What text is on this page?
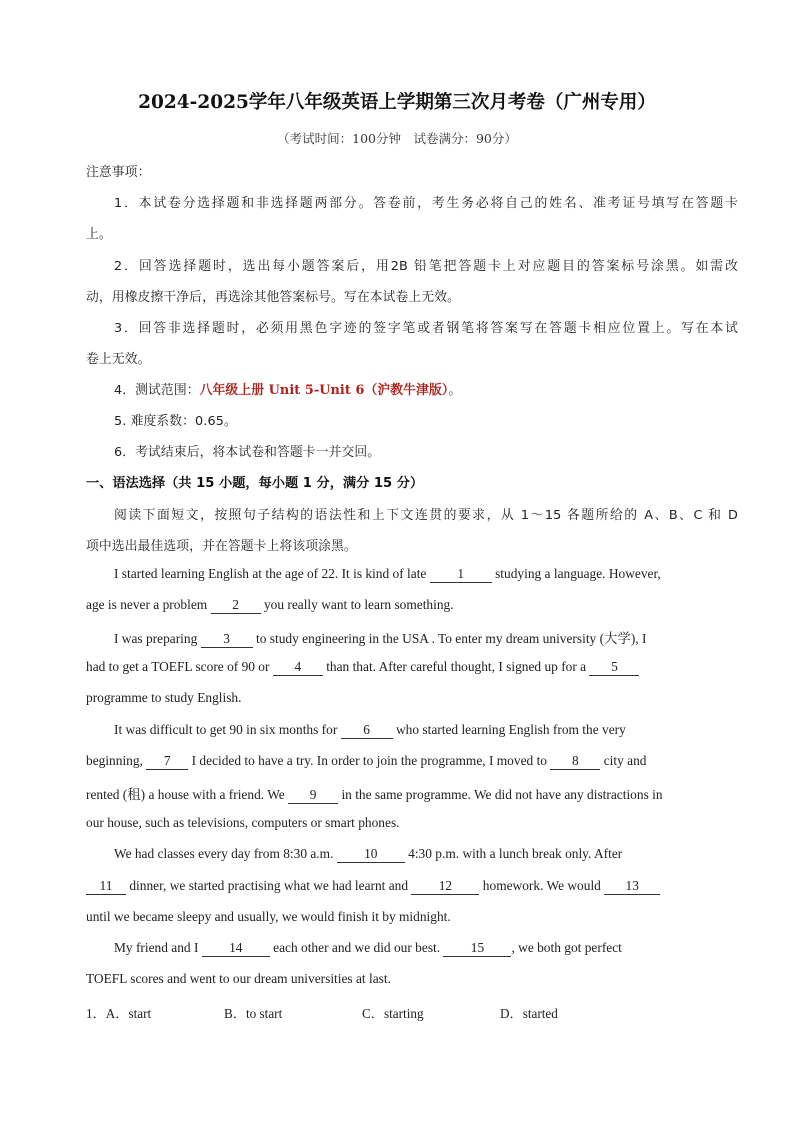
2024-2025学年八年级英语上学期第三次月考卷（广州专用）
（考试时间：100分钟　试卷满分：90分）
注意事项：
1．本试卷分选择题和非选择题两部分。答卷前，考生务必将自己的姓名、准考证号填写在答题卡
上。
2．回答选择题时，选出每小题答案后，用2B 铅笔把答题卡上对应题目的答案标号涂黑。如需改
动，用橡皮擦干净后，再选涂其他答案标号。写在本试卷上无效。
3．回答非选择题时，必须用黑色字迹的签字笔或者钢笔将答案写在答题卡相应位置上。写在本试
卷上无效。
4．测试范围：八年级上册 Unit 5-Unit 6（沪教牛津版）。
5. 难度系数：0.65。
6．考试结束后，将本试卷和答题卡一并交回。
一、语法选择（共 15 小题，每小题 1 分，满分 15 分）
阅读下面短文，按照句子结构的语法性和上下文连贯的要求，从 1～15 各题所给的 A、B、C 和 D
项中选出最佳选项，并在答题卡上将该项涂黑。
I started learning English at the age of 22. It is kind of late 1 studying a language. However,
age is never a problem 2 you really want to learn something.
I was preparing 3 to study engineering in the USA . To enter my dream university (大学), I
had to get a TOEFL score of 90 or 4 than that. After careful thought, I signed up for a 5
programme to study English.
It was difficult to get 90 in six months for 6 who started learning English from the very
beginning, 7 I decided to have a try. In order to join the programme, I moved to 8 city and
rented (租) a house with a friend. We 9 in the same programme. We did not have any distractions in
our house, such as televisions, computers or smart phones.
We had classes every day from 8:30 a.m. 10 4:30 p.m. with a lunch break only. After
11 dinner, we started practising what we had learnt and 12 homework. We would 13
until we became sleepy and usually, we would finish it by midnight.
My friend and I 14 each other and we did our best. 15 , we both got perfect
TOEFL scores and went to our dream universities at last.
1．A．start	B．to start	C．starting	D．started
